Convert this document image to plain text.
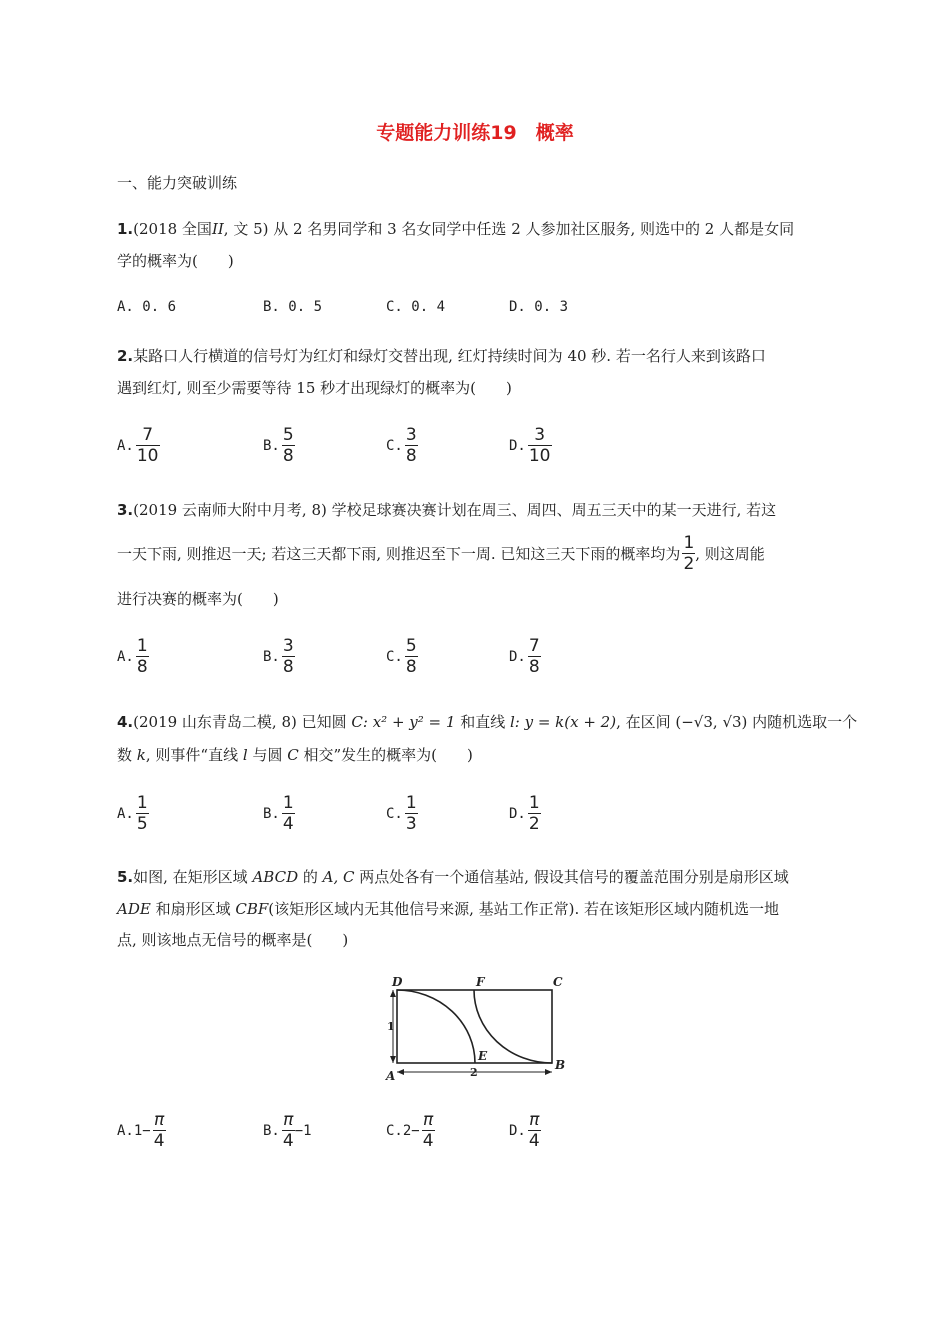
专题能力训练19　概率
一、能力突破训练
1.(2018 全国II, 文 5) 从 2 名男同学和 3 名女同学中任选 2 人参加社区服务, 则选中的 2 人都是女同
学的概率为(　　)
A. 0. 6	B. 0. 5	C. 0. 4	D. 0. 3
2.某路口人行横道的信号灯为红灯和绿灯交替出现, 红灯持续时间为 40 秒. 若一名行人来到该路口
遇到红灯, 则至少需要等待 15 秒才出现绿灯的概率为(　　)
A. $\frac{7}{10}$	B. $\frac{5}{8}$	C. $\frac{3}{8}$	D. $\frac{3}{10}$
3.(2019 云南师大附中月考, 8) 学校足球赛决赛计划在周三、周四、周五三天中的某一天进行, 若这
一天下雨, 则推迟一天; 若这三天都下雨, 则推迟至下一周. 已知这三天下雨的概率均为 $\frac{1}{2}$ , 则这周能
进行决赛的概率为(　　)
A. $\frac{1}{8}$	B. $\frac{3}{8}$	C. $\frac{5}{8}$	D. $\frac{7}{8}$
4.(2019 山东青岛二模, 8) 已知圆 C: x² + y² = 1 和直线 l: y = k(x + 2), 在区间 (−√3, √3) 内随机选取一个
数 k, 则事件“直线 l 与圆 C 相交”发生的概率为(　　)
A. $\frac{1}{5}$	B. $\frac{1}{4}$	C. $\frac{1}{3}$	D. $\frac{1}{2}$
5.如图, 在矩形区域 ABCD 的 A, C 两点处各有一个通信基站, 假设其信号的覆盖范围分别是扇形区域
ADE 和扇形区域 CBF(该矩形区域内无其他信号来源, 基站工作正常). 若在该矩形区域内随机选一地
点, 则该地点无信号的概率是(　　)
D	F	C
A
E
B
1
2
A. $1- \frac{\pi}{4}$	B. $\frac{\pi}{4} -1$	C. $2- \frac{\pi}{4}$	D. $\frac{\pi}{4}$
